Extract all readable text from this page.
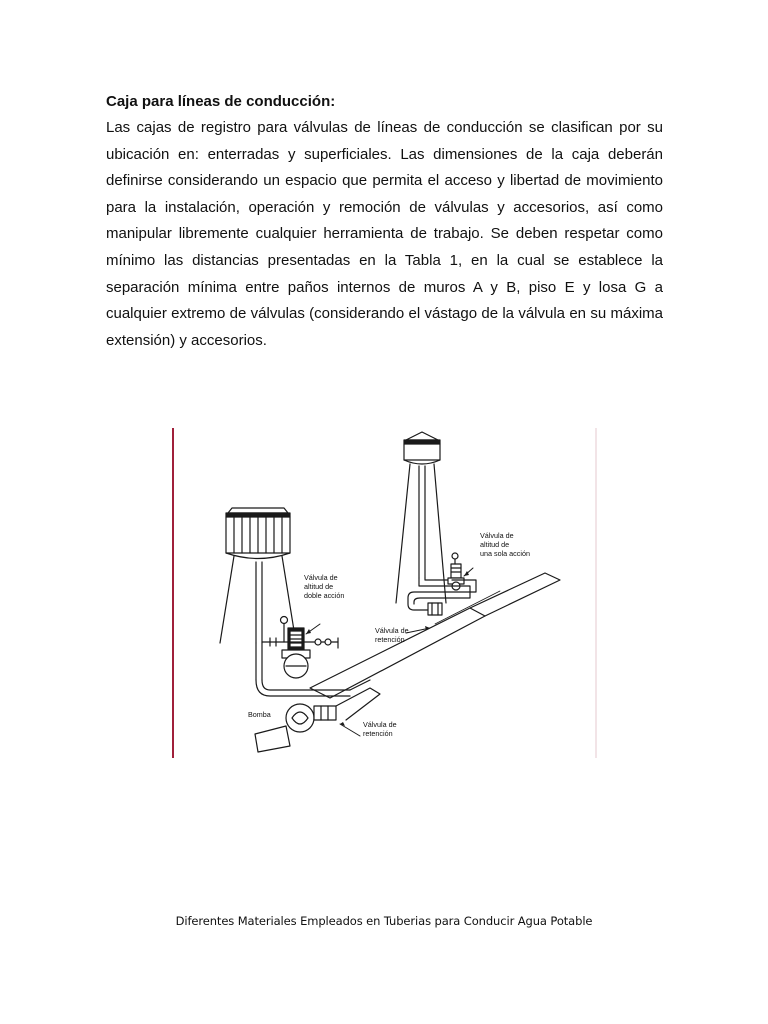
Caja para líneas de conducción:

Las cajas de registro para válvulas de líneas de conducción se clasifican por su ubicación en: enterradas y superficiales. Las dimensiones de la caja deberán definirse considerando un espacio que permita el acceso y libertad de movimiento para la instalación, operación y remoción de válvulas y accesorios, así como manipular libremente cualquier herramienta de trabajo. Se deben respetar como mínimo las distancias presentadas en la Tabla 1, en la cual se establece la separación mínima entre paños internos de muros A y B, piso E y losa G a cualquier extremo de válvulas (considerando el vástago de la válvula en su máxima extensión) y accesorios.

Válvula de
altitud de
una sola acción
Válvula de
altitud de
doble acción
Válvula de
retención
Bomba
Válvula de
retención
Diferentes Materiales Empleados en Tuberias para Conducir Agua Potable
